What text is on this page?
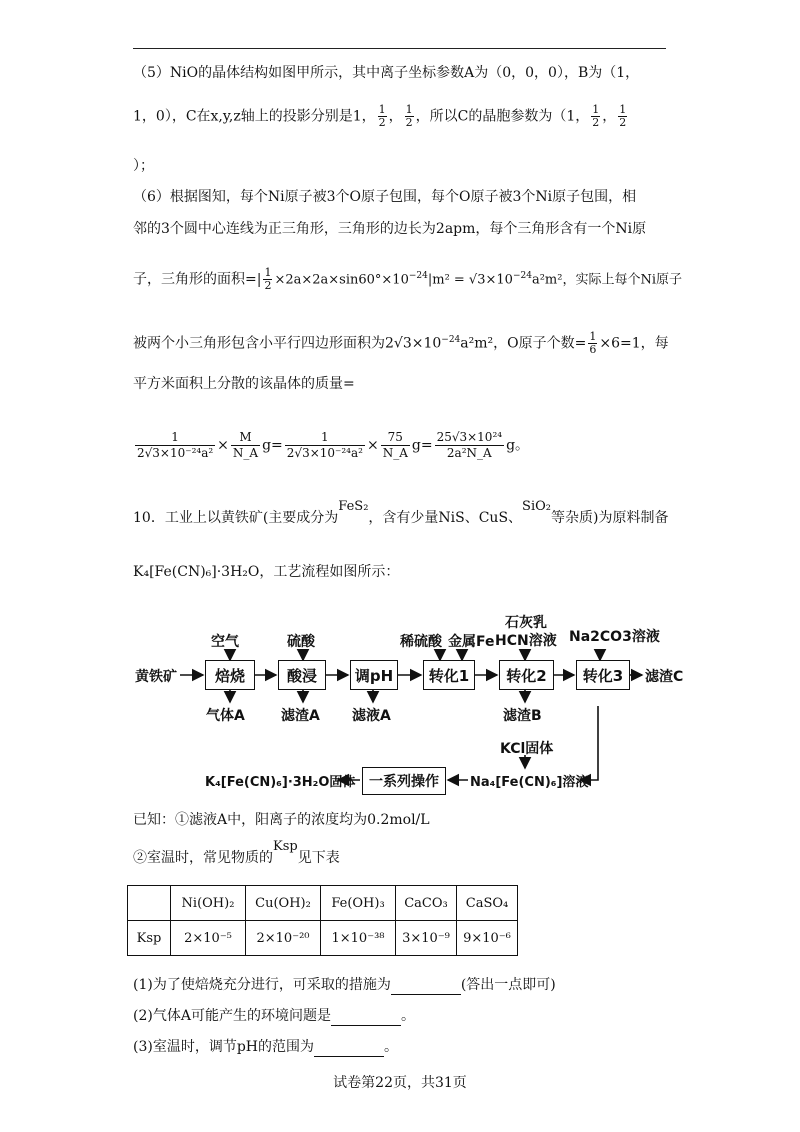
（5）NiO的晶体结构如图甲所示，其中离子坐标参数A为（0，0，0），B为（1，
1，0），C在x,y,z轴上的投影分别是1， $\frac{1}{2}$ ， $\frac{1}{2}$ ，所以C的晶胞参数为（1， $\frac{1}{2}$ ， $\frac{1}{2}$
）；
（6）根据图知，每个Ni原子被3个O原子包围，每个O原子被3个Ni原子包围，相
邻的3个圆中心连线为正三角形，三角形的边长为2apm，每个三角形含有一个Ni原
子，三角形的面积=| $\frac{1}{2} \times 2a\times 2a\times\sin 60^\circ\times 10^{-24}|m^2 = √3\times 10^{-24}a^2m^2$，实际上每个Ni原子
被两个小三角形包含小平行四边形面积为$2√3\times 10^{-24}a^2m^2$，O原子个数= $\frac{1}{6} \times 6=1$，每
平方米面积上分散的该晶体的质量=
$\frac{1}{\text{2√3×10⁻²⁴a²}} \times \frac{M}{N\_A} g= \frac{1}{\text{2√3×10⁻²⁴a²}} \times \frac{75}{N\_A} g= \frac{\text{25√3×10²⁴}}{\text{2a²N\_A}}$ g。
10．工业上以黄铁矿(主要成分为FeS₂，含有少量NiS、CuS、SiO₂等杂质)为原料制备
K₄[Fe(CN)₆]·3H₂O，工艺流程如图所示：
黄铁矿	焙烧	酸浸	调pH	转化1	转化2	转化3
空气	硫酸	稀硫酸 金属Fe
石灰乳
HCN溶液 Na2CO3溶液
气体A	滤渣A 滤液A	滤渣B
滤渣C
KCl固体
Na₄[Fe(CN)₆]溶液
一系列操作
K₄[Fe(CN)₆]·3H₂O固体
已知：①滤液A中，阳离子的浓度均为0.2mol/L
②室温时，常见物质的Ksp见下表
	Ni(OH)₂	Cu(OH)₂	Fe(OH)₃	CaCO₃	CaSO₄
Ksp	2×10⁻⁵	2×10⁻²⁰	1×10⁻³⁸	3×10⁻⁹	9×10⁻⁶
(1)为了使焙烧充分进行，可采取的措施为	(答出一点即可)
(2)气体A可能产生的环境问题是	。
(3)室温时，调节pH的范围为	。
试卷第22页，共31页
